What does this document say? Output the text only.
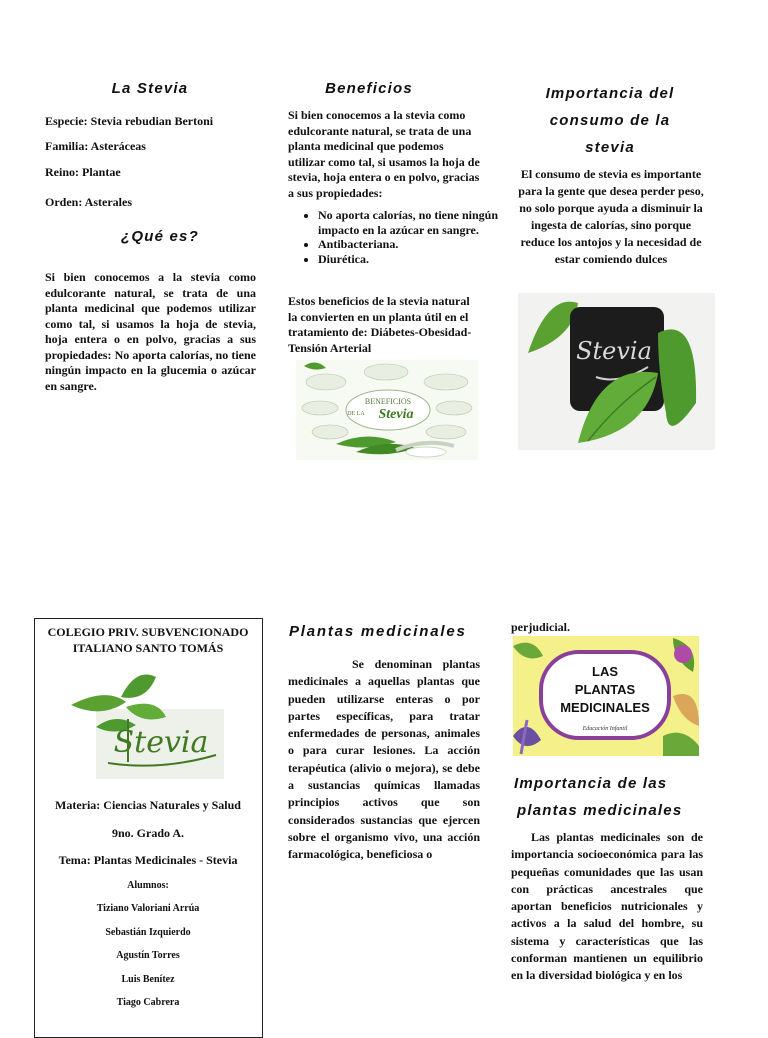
La Stevia
Especie: Stevia rebudian Bertoni
Familia: Asteráceas
Reino: Plantae
Orden: Asterales
¿Qué es?
Si bien conocemos a la stevia como edulcorante natural, se trata de una planta medicinal que podemos utilizar como tal, si usamos la hoja de stevia, hoja entera o en polvo, gracias a sus propiedades: No aporta calorías, no tiene ningún impacto en la glucemia o azúcar en sangre.
Beneficios
Si bien conocemos a la stevia como edulcorante natural, se trata de una planta medicinal que podemos utilizar como tal, si usamos la hoja de stevia, hoja entera o en polvo, gracias a sus propiedades:
• No aporta calorías, no tiene ningún impacto en la azúcar en sangre.
• Antibacteriana.
• Diurética.
Estos beneficios de la stevia natural la convierten en un planta útil en el tratamiento de: Diábetes-Obesidad-Tensión Arterial
BENEFICIOS
DE LA Stevia
Importancia del
consumo de la
stevia
El consumo de stevia es importante para la gente que desea perder peso, no solo porque ayuda a disminuir la ingesta de calorías, sino porque reduce los antojos y la necesidad de estar comiendo dulces
Stevia
COLEGIO PRIV. SUBVENCIONADO ITALIANO SANTO TOMÁS
Stevia
Materia: Ciencias Naturales y Salud
9no. Grado A.
Tema: Plantas Medicinales - Stevia
Alumnos:
Tiziano Valoriani Arrúa
Sebastián Izquierdo
Agustín Torres
Luis Benítez
Tiago Cabrera
Plantas medicinales
Se denominan plantas medicinales a aquellas plantas que pueden utilizarse enteras o por partes específicas, para tratar enfermedades de personas, animales o para curar lesiones. La acción terapéutica (alivio o mejora), se debe a sustancias químicas llamadas principios activos que son considerados sustancias que ejercen sobre el organismo vivo, una acción farmacológica, beneficiosa o
perjudicial.
LAS
PLANTAS
MEDICINALES
Educación Infantil
Importancia de las
plantas medicinales
Las plantas medicinales son de importancia socioeconómica para las pequeñas comunidades que las usan con prácticas ancestrales que aportan beneficios nutricionales y activos a la salud del hombre, su sistema y características que las conforman mantienen un equilibrio en la diversidad biológica y en los
